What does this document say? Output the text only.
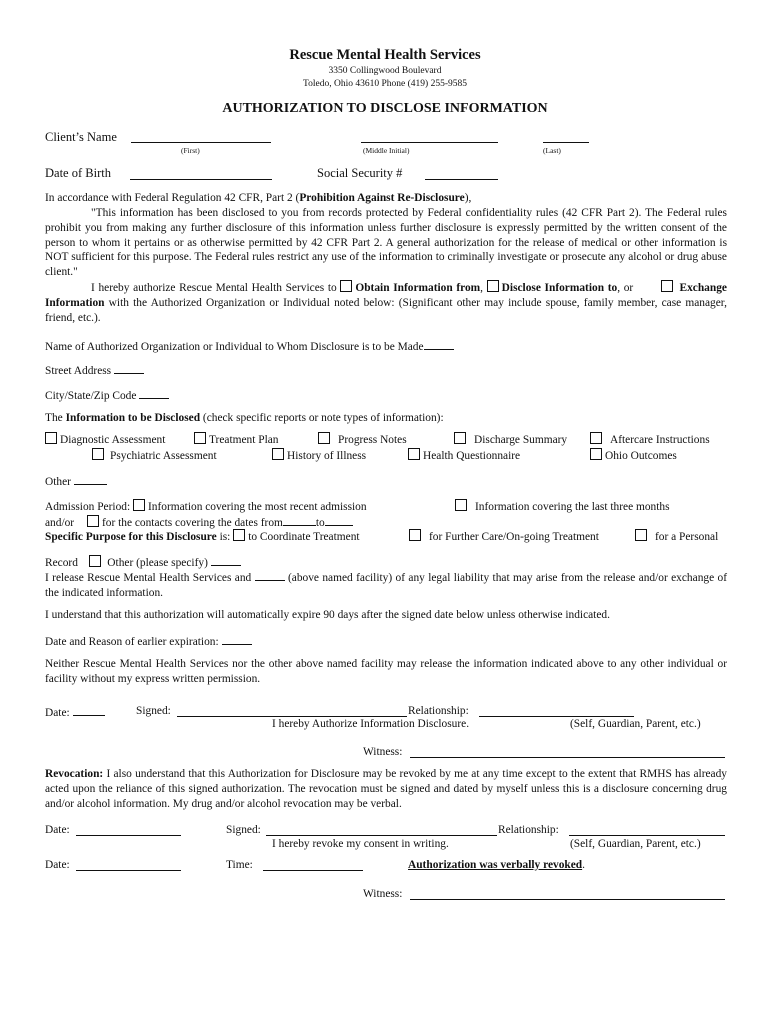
Rescue Mental Health Services
3350 Collingwood Boulevard
Toledo, Ohio 43610 Phone (419) 255-9585
AUTHORIZATION TO DISCLOSE INFORMATION
Client’s Name
(First)	(Middle Initial)	(Last)
Date of Birth	Social Security #
In accordance with Federal Regulation 42 CFR, Part 2 (Prohibition Against Re-Disclosure),
"This information has been disclosed to you from records protected by Federal confidentiality rules (42 CFR Part 2). The Federal rules prohibit you from making any further disclosure of this information unless further disclosure is expressly permitted by the written consent of the person to whom it pertains or as otherwise permitted by 42 CFR Part 2. A general authorization for the release of medical or other information is NOT sufficient for this purpose. The Federal rules restrict any use of the information to criminally investigate or prosecute any alcohol or drug abuse client."
I hereby authorize Rescue Mental Health Services to Obtain Information from, Disclose Information to, or	Exchange Information with the Authorized Organization or Individual noted below: (Significant other may include spouse, family member, case manager, friend, etc.).
Name of Authorized Organization or Individual to Whom Disclosure is to be Made
Street Address
City/State/Zip Code
The Information to be Disclosed (check specific reports or note types of information):
Diagnostic Assessment	Treatment Plan	Progress Notes	Discharge Summary	Aftercare Instructions
Psychiatric Assessment	History of Illness	Health Questionnaire	Ohio Outcomes
Other
Admission Period: Information covering the most recent admission	Information covering the last three months
and/or for the contacts covering the dates from	to
Specific Purpose for this Disclosure is: to Coordinate Treatment	for Further Care/On-going Treatment	for a Personal
Record	Other (please specify)
I release Rescue Mental Health Services and	(above named facility) of any legal liability that may arise from the release and/or exchange of the indicated information.
I understand that this authorization will automatically expire 90 days after the signed date below unless otherwise indicated.
Date and Reason of earlier expiration:
Neither Rescue Mental Health Services nor the other above named facility may release the information indicated above to any other individual or facility without my express written permission.
Date:	Signed:	Relationship:
I hereby Authorize Information Disclosure.	(Self, Guardian, Parent, etc.)
Witness:
Revocation: I also understand that this Authorization for Disclosure may be revoked by me at any time except to the extent that RMHS has already acted upon the reliance of this signed authorization. The revocation must be signed and dated by myself unless this is a disclosure concerning drug and/or alcohol information. My drug and/or alcohol revocation may be verbal.
Date:	Signed:	Relationship:
I hereby revoke my consent in writing.	(Self, Guardian, Parent, etc.)
Date:	Time:	Authorization was verbally revoked.
Witness:
